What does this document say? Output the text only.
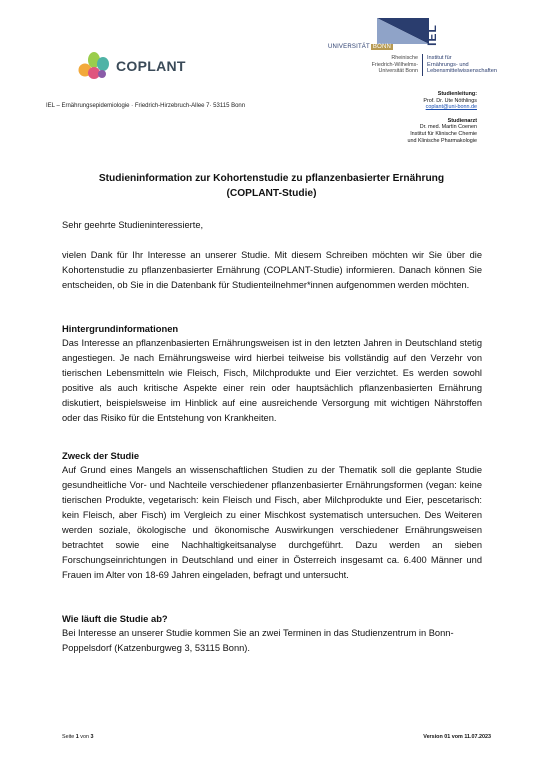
COPLANT
UNIVERSITÄT BONN
Rheinische
Friedrich-Wilhelms-
Universität Bonn
IEL
Institut für
Ernährungs- und
Lebensmittelwissenschaften
IEL – Ernährungsepidemiologie · Friedrich-Hirzebruch-Allee 7· 53115 Bonn
Studienleitung:
Prof. Dr. Ute Nöthlings
coplant@uni-bonn.de
Studienarzt
Dr. med. Martin Coenen
Institut für Klinische Chemie
und Klinische Pharmakologie
Studieninformation zur Kohortenstudie zu pflanzenbasierter Ernährung
(COPLANT-Studie)
Sehr geehrte Studieninteressierte,
vielen Dank für Ihr Interesse an unserer Studie. Mit diesem Schreiben möchten wir Sie über die Kohortenstudie zu pflanzenbasierter Ernährung (COPLANT-Studie) informieren. Danach können Sie entscheiden, ob Sie in die Datenbank für Studienteilnehmer*innen aufgenommen werden möchten.
Hintergrundinformationen
Das Interesse an pflanzenbasierten Ernährungsweisen ist in den letzten Jahren in Deutschland stetig angestiegen. Je nach Ernährungsweise wird hierbei teilweise bis vollständig auf den Verzehr von tierischen Lebensmitteln wie Fleisch, Fisch, Milchprodukte und Eier verzichtet. Es werden sowohl positive als auch kritische Aspekte einer rein oder hauptsächlich pflanzenbasierten Ernährung diskutiert, beispielsweise im Hinblick auf eine ausreichende Versorgung mit wichtigen Nährstoffen oder das Risiko für die Entstehung von Krankheiten.
Zweck der Studie
Auf Grund eines Mangels an wissenschaftlichen Studien zu der Thematik soll die geplante Studie gesundheitliche Vor- und Nachteile verschiedener pflanzenbasierter Ernährungsformen (vegan: keine tierischen Produkte, vegetarisch: kein Fleisch und Fisch, aber Milchprodukte und Eier, pescetarisch: kein Fleisch, aber Fisch) im Vergleich zu einer Mischkost systematisch untersuchen. Des Weiteren werden soziale, ökologische und ökonomische Auswirkungen verschiedener Ernährungsweisen betrachtet sowie eine Nachhaltigkeitsanalyse durchgeführt. Dazu werden an sieben Forschungseinrichtungen in Deutschland und einer in Österreich insgesamt ca. 6.400 Männer und Frauen im Alter von 18-69 Jahren eingeladen, befragt und untersucht.
Wie läuft die Studie ab?
Bei Interesse an unserer Studie kommen Sie an zwei Terminen in das Studienzentrum in Bonn-Poppelsdorf (Katzenburgweg 3, 53115 Bonn).
Seite 1 von 3	Version 01 vom 11.07.2023
